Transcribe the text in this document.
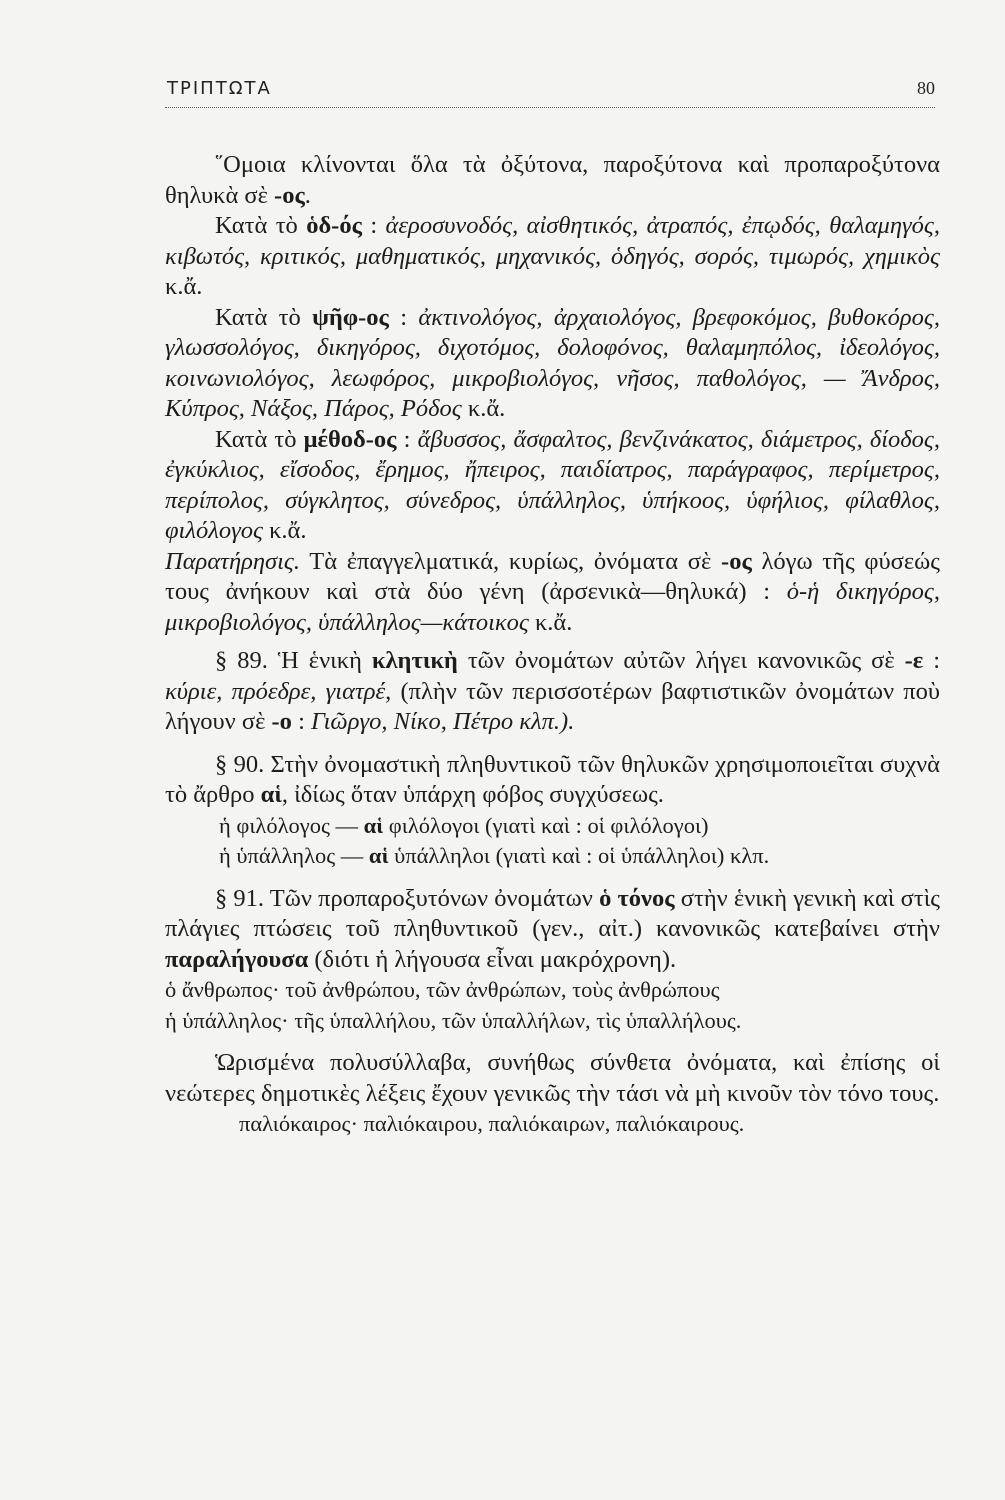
ΤΡΙΠΤΩΤΑ	80

῞Ομοια κλίνονται ὅλα τὰ ὀξύτονα, παροξύτονα καὶ προπαροξύτονα θηλυκὰ σὲ -ος.

Κατὰ τὸ ὁδ-ός : ἀεροσυνοδός, αἰσθητικός, ἀτραπός, ἐπῳδός, θαλαμηγός, κιβωτός, κριτικός, μαθηματικός, μηχανικός, ὁδηγός, σορός, τιμωρός, χημικὸς κ.ἄ.

Κατὰ τὸ ψῆφ-ος : ἀκτινολόγος, ἀρχαιολόγος, βρεφοκόμος, βυθοκόρος, γλωσσολόγος, δικηγόρος, διχοτόμος, δολοφόνος, θαλαμηπόλος, ἰδεολόγος, κοινωνιολόγος, λεωφόρος, μικροβιολόγος, νῆσος, παθολόγος, — Ἄνδρος, Κύπρος, Νάξος, Πάρος, Ρόδος κ.ἄ.

Κατὰ τὸ μέθοδ-ος : ἄβυσσος, ἄσφαλτος, βενζινάκατος, διάμετρος, δίοδος, ἐγκύκλιος, εἴσοδος, ἔρημος, ἤπειρος, παιδίατρος, παράγραφος, περίμετρος, περίπολος, σύγκλητος, σύνεδρος, ὑπάλληλος, ὑπήκοος, ὑφήλιος, φίλαθλος, φιλόλογος κ.ἄ.

Παρατήρησις. Τὰ ἐπαγγελματικά, κυρίως, ὀνόματα σὲ -ος λόγω τῆς φύσεώς τους ἀνήκουν καὶ στὰ δύο γένη (ἀρσενικὰ—θηλυκά) : ὁ-ἡ δικηγόρος, μικροβιολόγος, ὑπάλληλος—κάτοικος κ.ἄ.

§ 89. Ἡ ἑνικὴ κλητικὴ τῶν ὀνομάτων αὐτῶν λήγει κανονικῶς σὲ -ε : κύριε, πρόεδρε, γιατρέ, (πλὴν τῶν περισσοτέρων βαφτιστικῶν ὀνομάτων ποὺ λήγουν σὲ -ο : Γιῶργο, Νίκο, Πέτρο κλπ.).

§ 90. Στὴν ὀνομαστικὴ πληθυντικοῦ τῶν θηλυκῶν χρησιμοποιεῖται συχνὰ τὸ ἄρθρο αἱ, ἰδίως ὅταν ὑπάρχη φόβος συγχύσεως.

ἡ φιλόλογος — αἱ φιλόλογοι (γιατὶ καὶ : οἱ φιλόλογοι)

ἡ ὑπάλληλος — αἱ ὑπάλληλοι (γιατὶ καὶ : οἱ ὑπάλληλοι) κλπ.

§ 91. Τῶν προπαροξυτόνων ὀνομάτων ὁ τόνος στὴν ἑνικὴ γενικὴ καὶ στὶς πλάγιες πτώσεις τοῦ πληθυντικοῦ (γεν., αἰτ.) κανονικῶς κατεβαίνει στὴν παραλήγουσα (διότι ἡ λήγουσα εἶναι μακρόχρονη).

ὁ ἄνθρωπος· τοῦ ἀνθρώπου, τῶν ἀνθρώπων, τοὺς ἀνθρώπους

ἡ ὑπάλληλος· τῆς ὑπαλλήλου, τῶν ὑπαλλήλων, τὶς ὑπαλλήλους.

Ὡρισμένα πολυσύλλαβα, συνήθως σύνθετα ὀνόματα, καὶ ἐπίσης οἱ νεώτερες δημοτικὲς λέξεις ἔχουν γενικῶς τὴν τάσι νὰ μὴ κινοῦν τὸν τόνο τους.

παλιόκαιρος· παλιόκαιρου, παλιόκαιρων, παλιόκαιρους.
